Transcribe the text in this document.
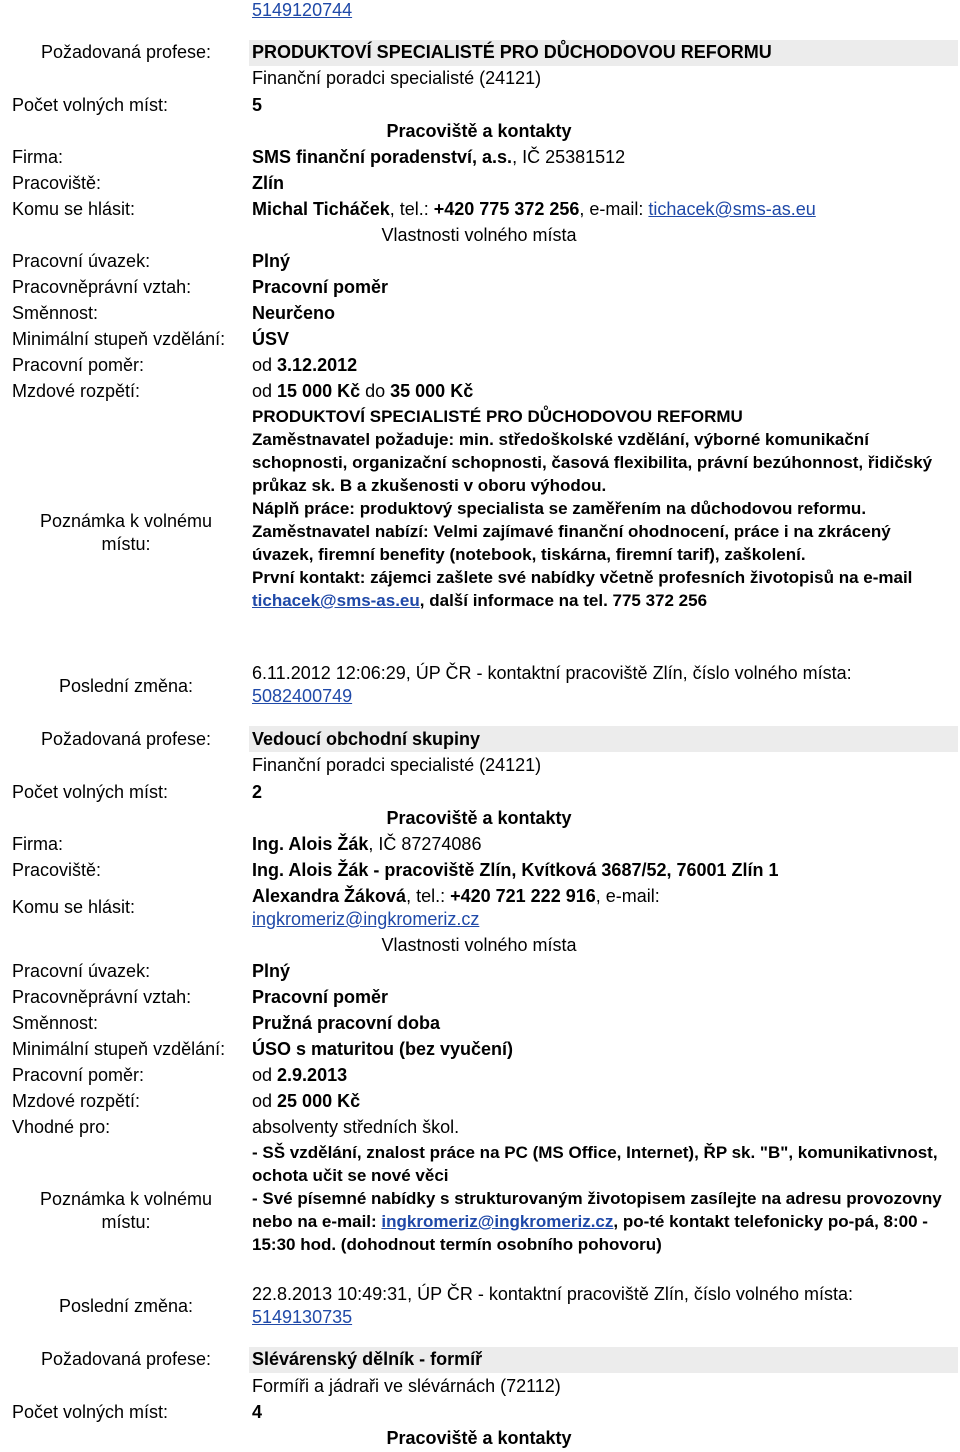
5149120744
Požadovaná profese:	PRODUKTOVÍ SPECIALISTÉ PRO DŮCHODOVOU REFORMU
Finanční poradci specialisté (24121)
Počet volných míst:	5
Pracoviště a kontakty
Firma:	SMS finanční poradenství, a.s., IČ 25381512
Pracoviště:	Zlín
Komu se hlásit:	Michal Ticháček, tel.: +420 775 372 256, e-mail: tichacek@sms-as.eu
Vlastnosti volného místa
Pracovní úvazek:	Plný
Pracovněprávní vztah:	Pracovní poměr
Směnnost:	Neurčeno
Minimální stupeň vzdělání: ÚSV
Pracovní poměr:	od 3.12.2012
Mzdové rozpětí:	od 15 000 Kč do 35 000 Kč
Poznámka k volnému
místu:

PRODUKTOVÍ SPECIALISTÉ PRO DŮCHODOVOU REFORMU

Zaměstnavatel požaduje: min. středoškolské vzdělání, výborné komunikační schopnosti, organizační schopnosti, časová flexibilita, právní bezúhonnost, řidičský průkaz sk. B a zkušenosti v oboru výhodou.

Náplň práce: produktový specialista se zaměřením na důchodovou reformu.

Zaměstnavatel nabízí: Velmi zajímavé finanční ohodnocení, práce i na zkrácený úvazek, firemní benefity (notebook, tiskárna, firemní tarif), zaškolení.

První kontakt: zájemci zašlete své nabídky včetně profesních životopisů na e-mail tichacek@sms-as.eu, další informace na tel. 775 372 256

Poslední změna:
6.11.2012 12:06:29, ÚP ČR - kontaktní pracoviště Zlín, číslo volného místa:
5082400749
Požadovaná profese:	Vedoucí obchodní skupiny
Finanční poradci specialisté (24121)
Počet volných míst:	2
Pracoviště a kontakty
Firma:	Ing. Alois Žák, IČ 87274086
Pracoviště:	Ing. Alois Žák - pracoviště Zlín, Kvítková 3687/52, 76001 Zlín 1
Komu se hlásit:
Alexandra Žáková, tel.: +420 721 222 916, e-mail:
ingkromeriz@ingkromeriz.cz
Vlastnosti volného místa
Pracovní úvazek:	Plný
Pracovněprávní vztah:	Pracovní poměr
Směnnost:	Pružná pracovní doba
Minimální stupeň vzdělání: ÚSO s maturitou (bez vyučení)
Pracovní poměr:	od 2.9.2013
Mzdové rozpětí:	od 25 000 Kč
Vhodné pro:	absolventy středních škol.
Poznámka k volnému
místu:

- SŠ vzdělání, znalost práce na PC (MS Office, Internet), ŘP sk. "B", komunikativnost, ochota učit se nové věci

- Své písemné nabídky s strukturovaným životopisem zasílejte na adresu provozovny nebo na e-mail: ingkromeriz@ingkromeriz.cz, po-té kontakt telefonicky po-pá, 8:00 - 15:30 hod. (dohodnout termín osobního pohovoru)

Poslední změna:
22.8.2013 10:49:31, ÚP ČR - kontaktní pracoviště Zlín, číslo volného místa:
5149130735
Požadovaná profese:	Slévárenský dělník - formíř
Formíři a jádraři ve slévárnách (72112)
Počet volných míst:	4
Pracoviště a kontakty
